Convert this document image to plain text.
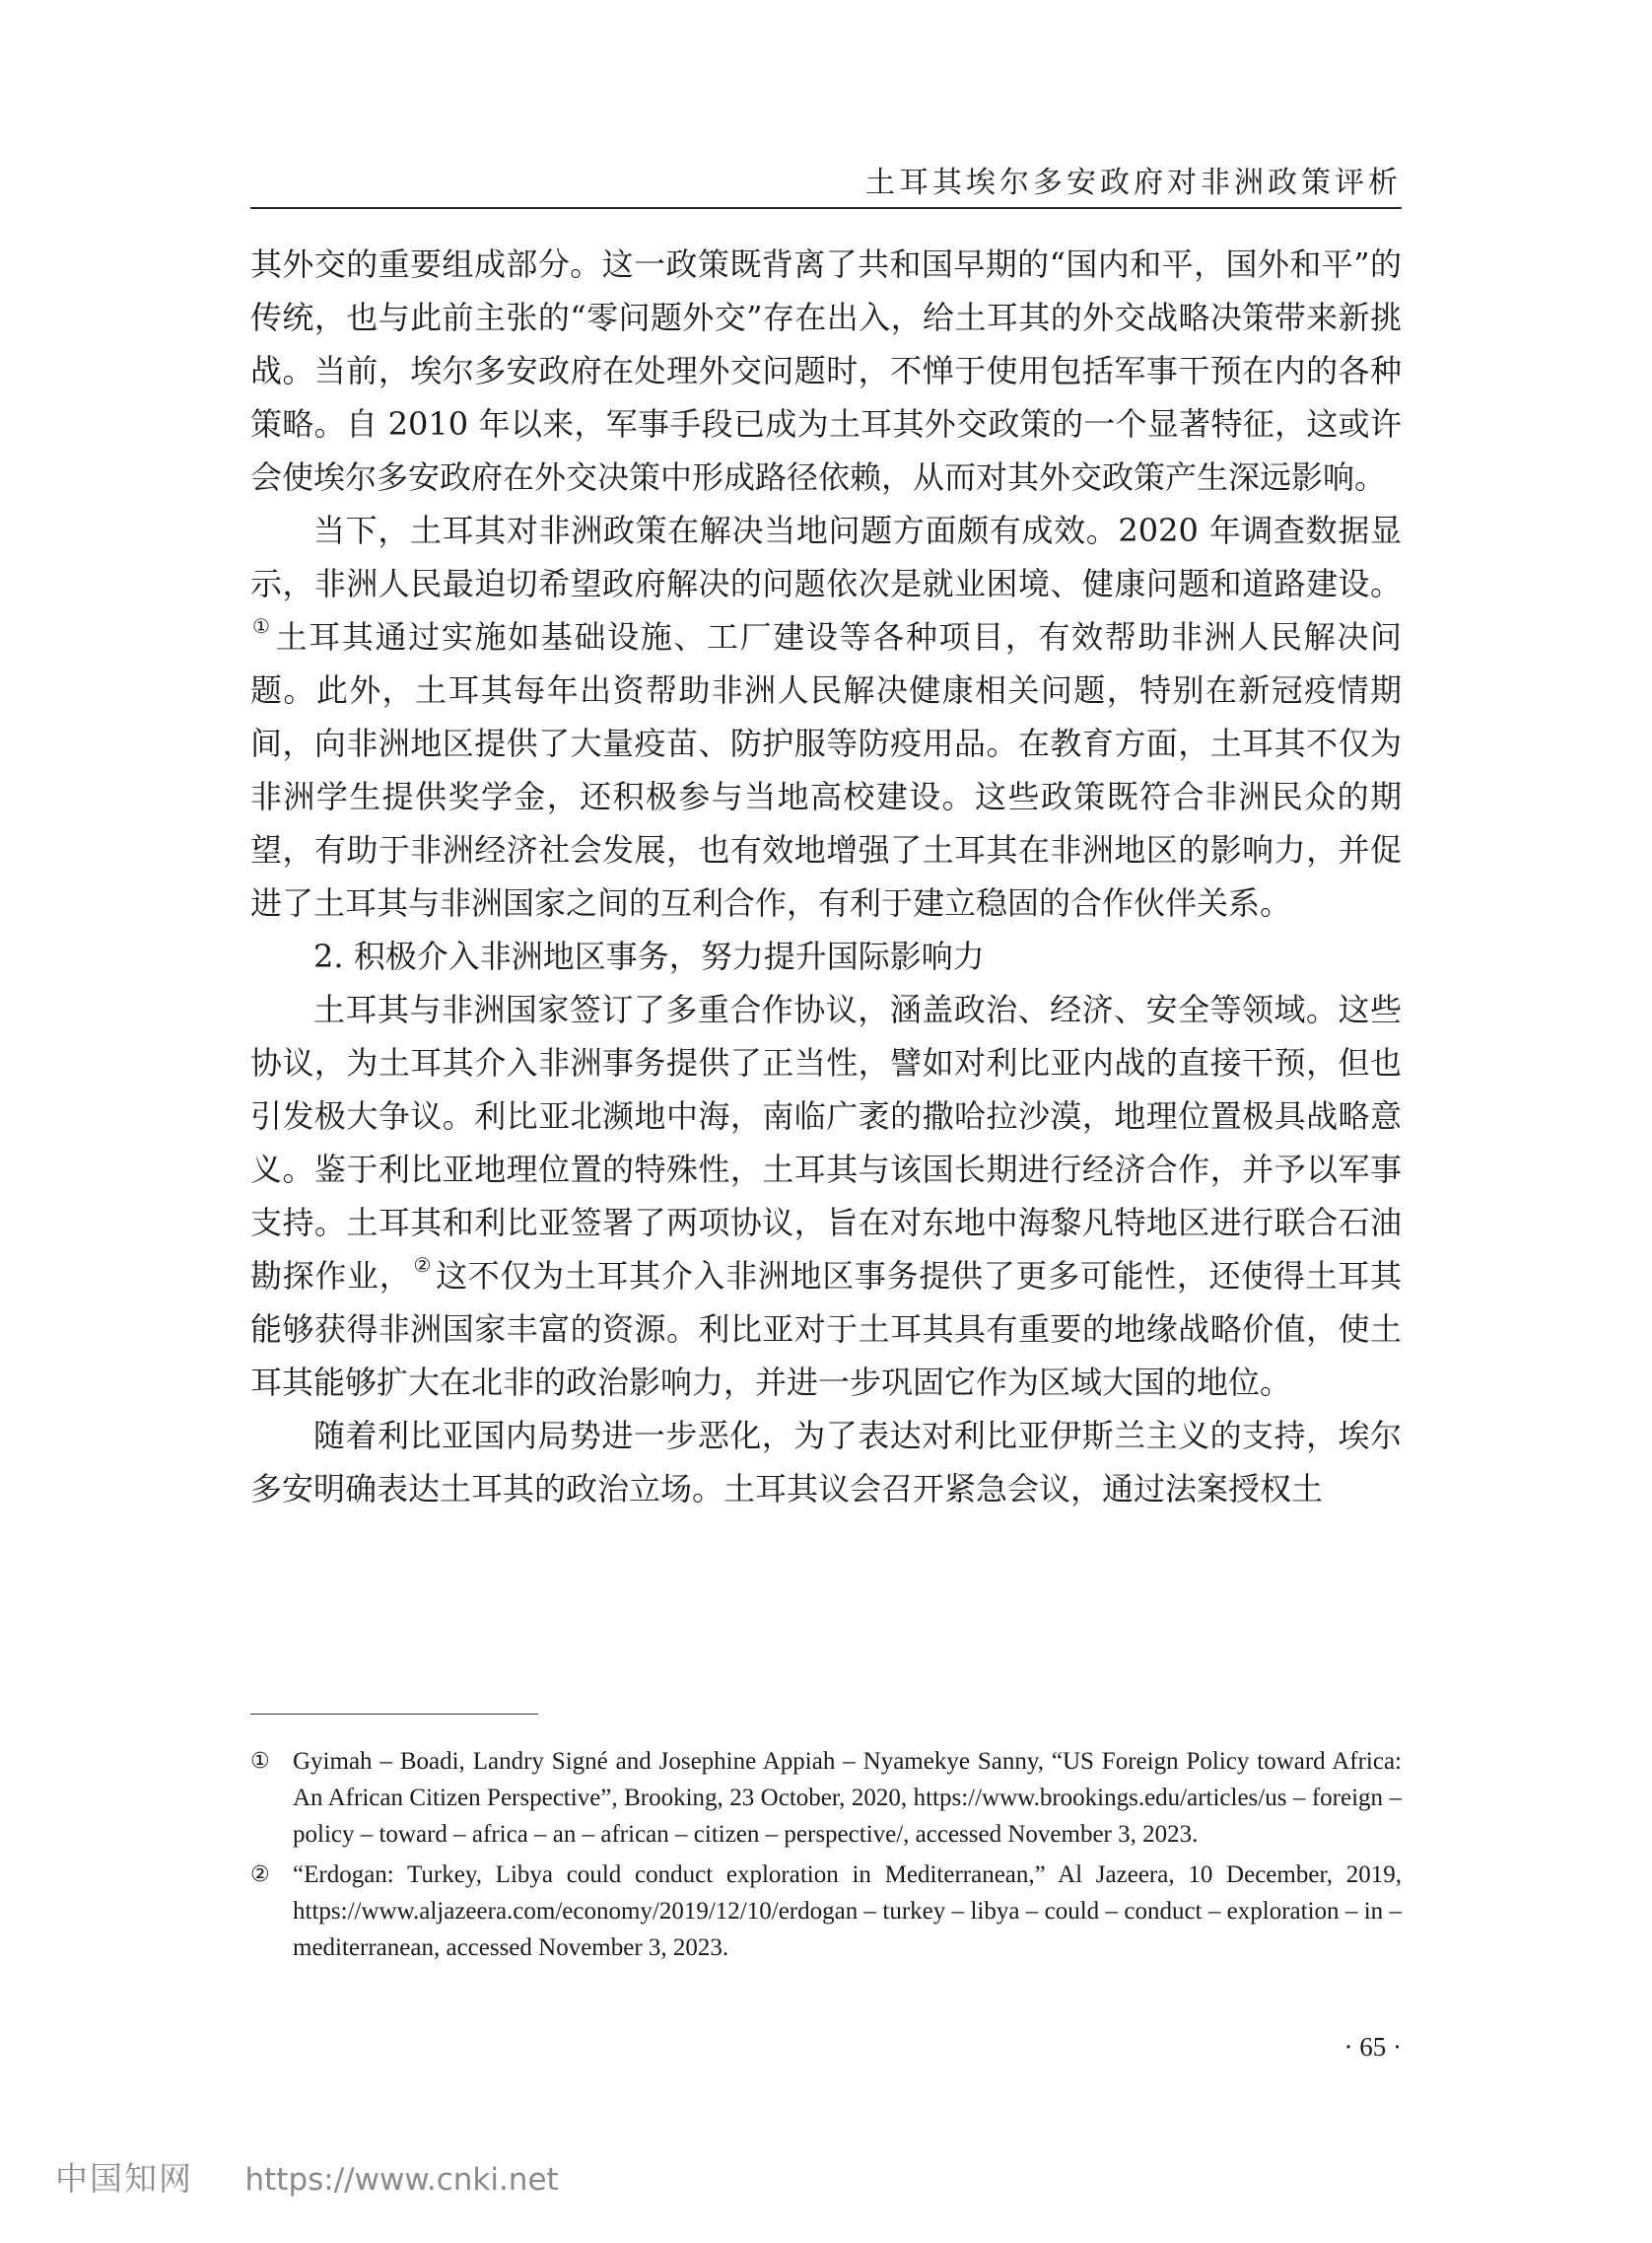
土耳其埃尔多安政府对非洲政策评析

其外交的重要组成部分。这一政策既背离了共和国早期的“国内和平，国外和平”的传统，也与此前主张的“零问题外交”存在出入，给土耳其的外交战略决策带来新挑战。当前，埃尔多安政府在处理外交问题时，不惮于使用包括军事干预在内的各种策略。自 2010 年以来，军事手段已成为土耳其外交政策的一个显著特征，这或许会使埃尔多安政府在外交决策中形成路径依赖，从而对其外交政策产生深远影响。

当下，土耳其对非洲政策在解决当地问题方面颇有成效。2020 年调查数据显示，非洲人民最迫切希望政府解决的问题依次是就业困境、健康问题和道路建设。① 土耳其通过实施如基础设施、工厂建设等各种项目，有效帮助非洲人民解决问题。此外，土耳其每年出资帮助非洲人民解决健康相关问题，特别在新冠疫情期间，向非洲地区提供了大量疫苗、防护服等防疫用品。在教育方面，土耳其不仅为非洲学生提供奖学金，还积极参与当地高校建设。这些政策既符合非洲民众的期望，有助于非洲经济社会发展，也有效地增强了土耳其在非洲地区的影响力，并促进了土耳其与非洲国家之间的互利合作，有利于建立稳固的合作伙伴关系。

2. 积极介入非洲地区事务，努力提升国际影响力

土耳其与非洲国家签订了多重合作协议，涵盖政治、经济、安全等领域。这些协议，为土耳其介入非洲事务提供了正当性，譬如对利比亚内战的直接干预，但也引发极大争议。利比亚北濒地中海，南临广袤的撒哈拉沙漠，地理位置极具战略意义。鉴于利比亚地理位置的特殊性，土耳其与该国长期进行经济合作，并予以军事支持。土耳其和利比亚签署了两项协议，旨在对东地中海黎凡特地区进行联合石油勘探作业， ② 这不仅为土耳其介入非洲地区事务提供了更多可能性，还使得土耳其能够获得非洲国家丰富的资源。利比亚对于土耳其具有重要的地缘战略价值，使土耳其能够扩大在北非的政治影响力，并进一步巩固它作为区域大国的地位。

随着利比亚国内局势进一步恶化，为了表达对利比亚伊斯兰主义的支持，埃尔多安明确表达土耳其的政治立场。土耳其议会召开紧急会议，通过法案授权土

① Gyimah – Boadi, Landry Signé and Josephine Appiah – Nyamekye Sanny, “US Foreign Policy toward Africa: An African Citizen Perspective”, Brooking, 23 October, 2020, https://www.brookings.edu/articles/us – foreign – policy – toward – africa – an – african – citizen – perspective/, accessed November 3, 2023.
② “Erdogan: Turkey, Libya could conduct exploration in Mediterranean,” Al Jazeera, 10 December, 2019, https://www.aljazeera.com/economy/2019/12/10/erdogan – turkey – libya – could – conduct – exploration – in – mediterranean, accessed November 3, 2023.
· 65 ·
中国知网 https://www.cnki.net
